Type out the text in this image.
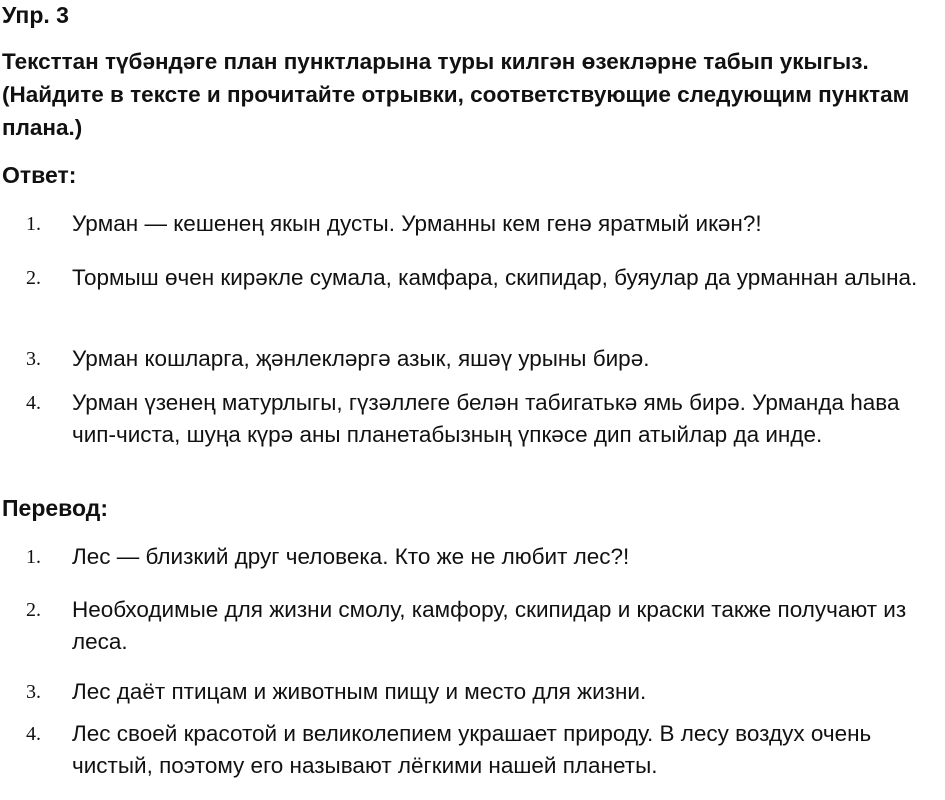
Упр. 3
Тексттан түбәндәге план пунктларына туры килгән өзекләрне табып укыгыз. (Найдите в тексте и прочитайте отрывки, соответствующие следующим пунктам плана.)
Ответ:
1.	Урман — кешенең якын дусты. Урманны кем генә яратмый икән?!
2.	Тормыш өчен кирәкле сумала, камфара, скипидар, буяулар да урманнан алына.
3.	Урман кошларга, җәнлекләргә азык, яшәү урыны бирә.
4.	Урман үзенең матурлыгы, гүзәллеге белән табигатькә ямь бирә. Урманда һава чип-чиста, шуңа күрә аны планетабызның үпкәсе дип атыйлар да инде.
Перевод:
1.	Лес — близкий друг человека. Кто же не любит лес?!
2.	Необходимые для жизни смолу, камфору, скипидар и краски также получают из леса.
3.	Лес даёт птицам и животным пищу и место для жизни.
4.	Лес своей красотой и великолепием украшает природу. В лесу воздух очень чистый, поэтому его называют лёгкими нашей планеты.
